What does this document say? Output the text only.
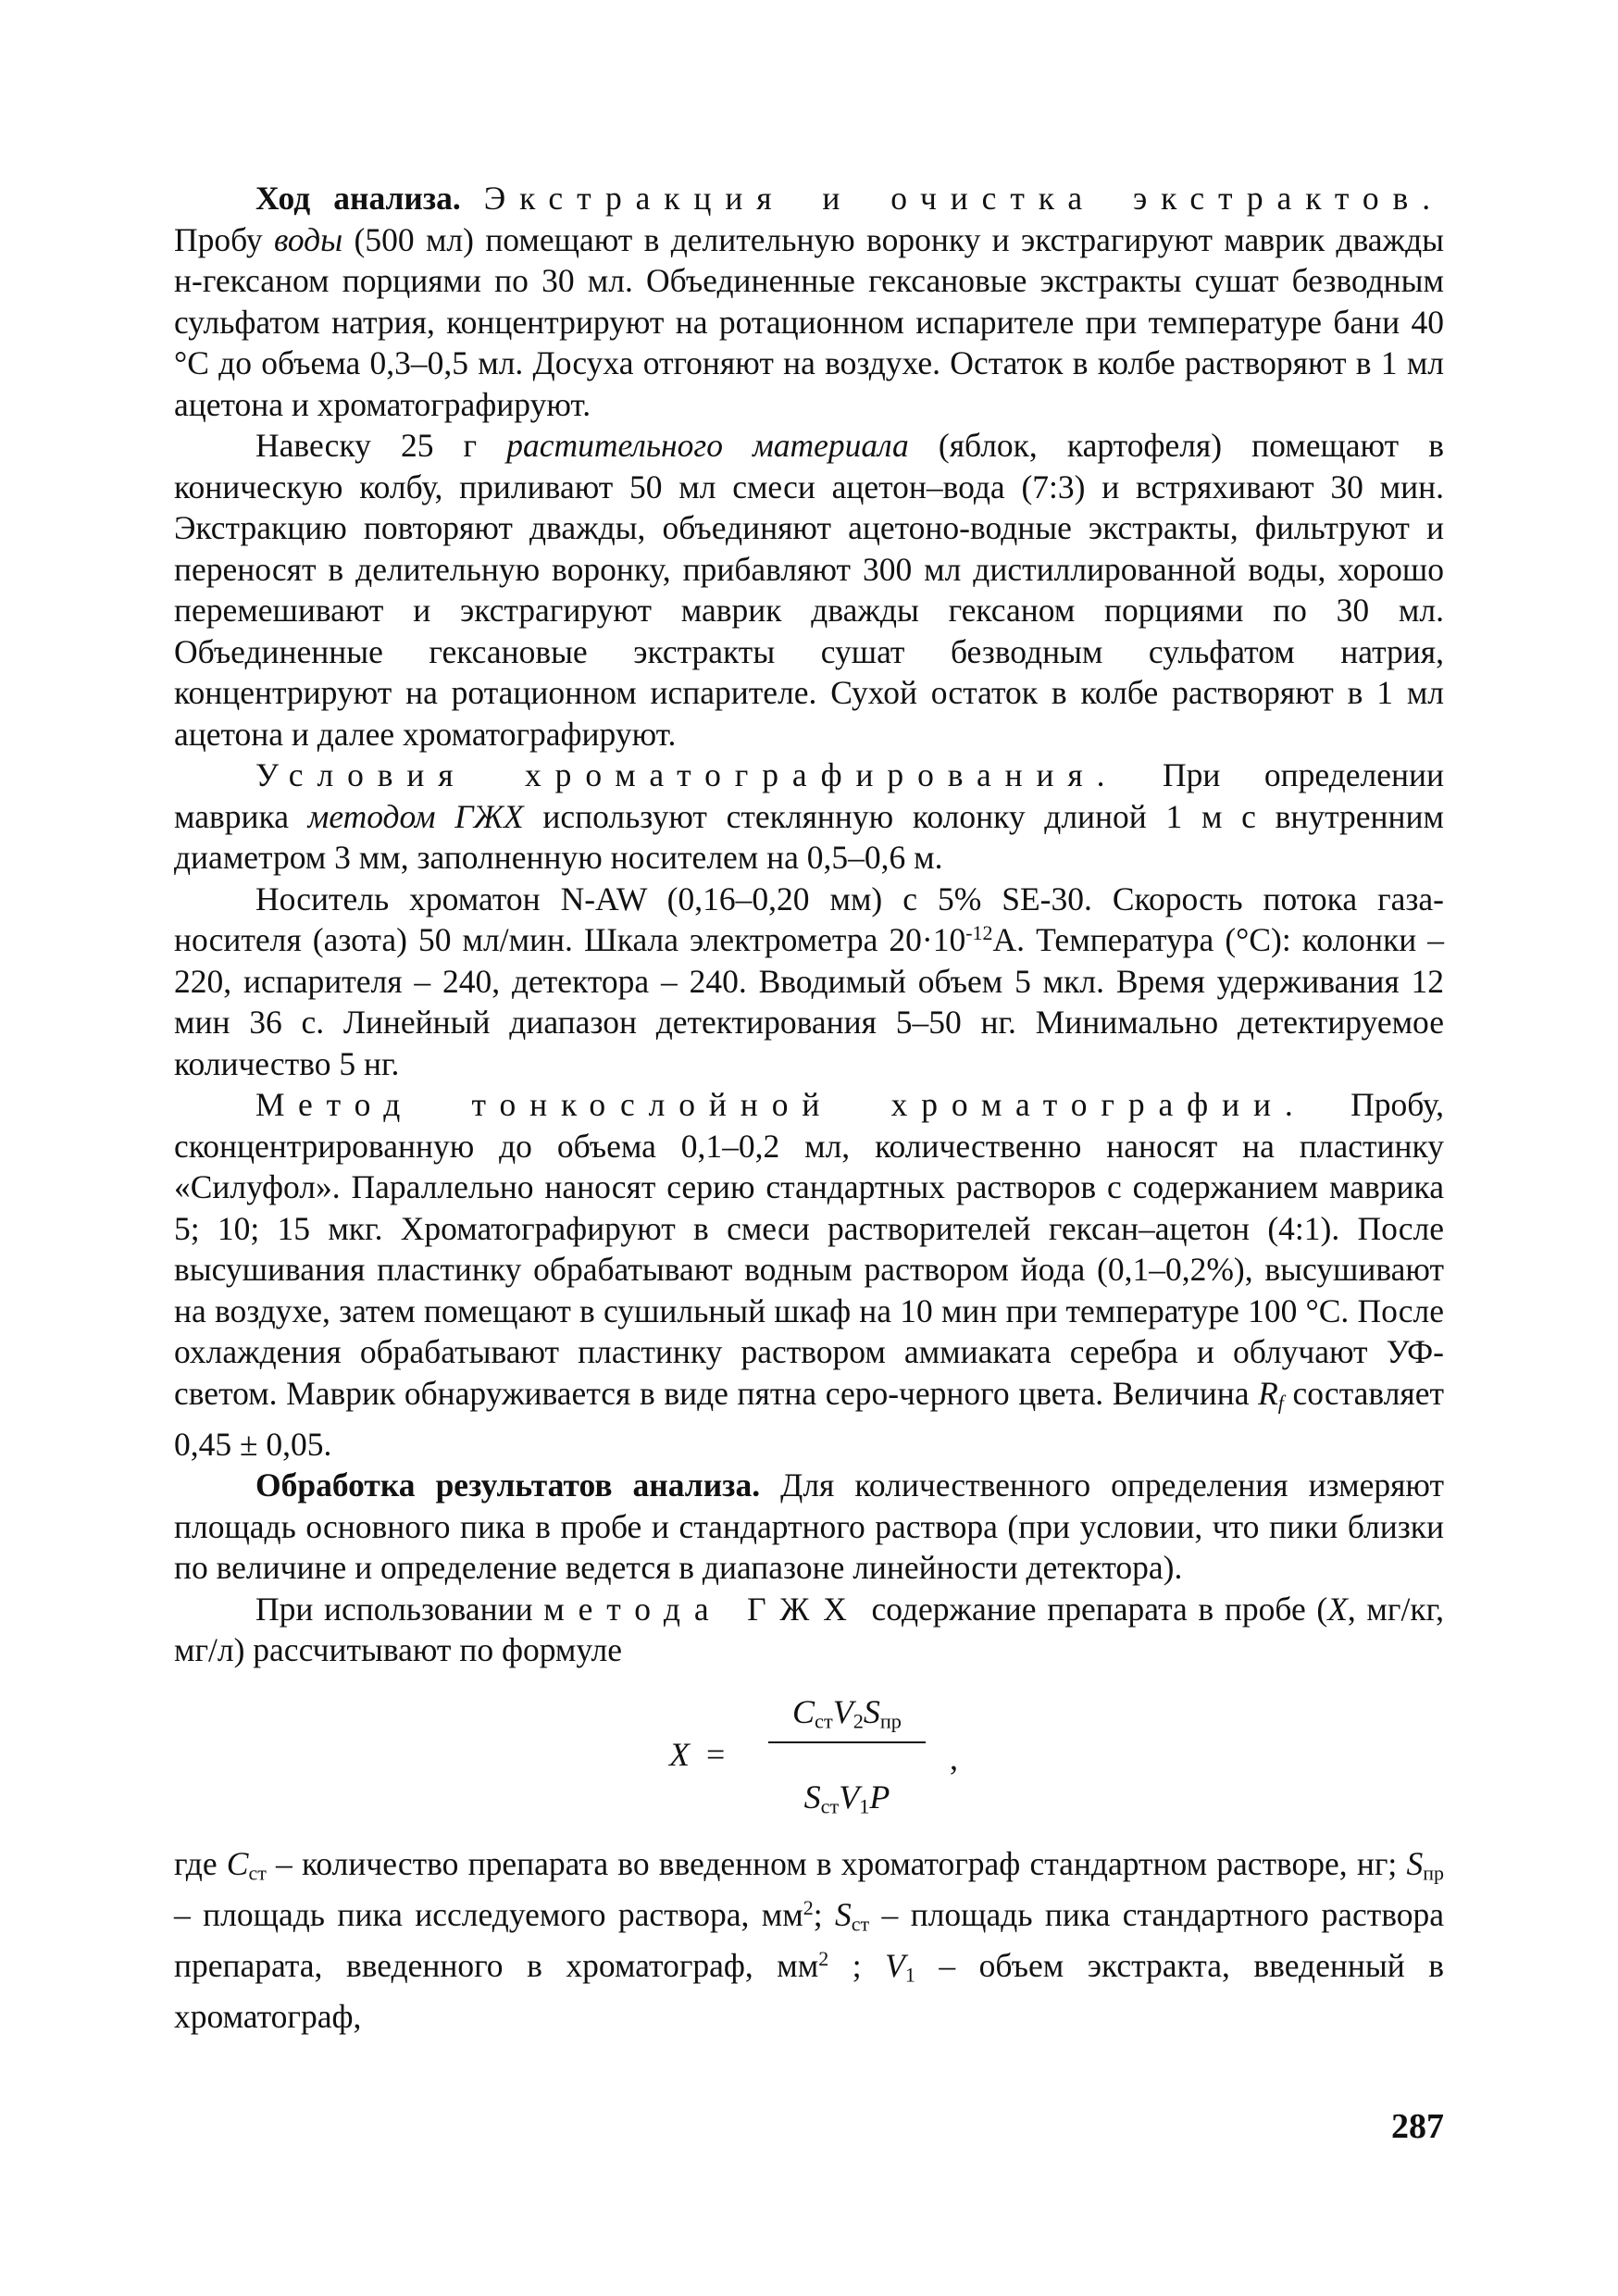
Ход анализа. Экстракция и очистка экстрактов. Пробу воды (500 мл) помещают в делительную воронку и экстрагируют маврик дважды н-гексаном порциями по 30 мл. Объединенные гексановые экстракты сушат безводным сульфатом натрия, концентрируют на ротационном испарителе при температуре бани 40 °С до объема 0,3–0,5 мл. Досуха отгоняют на воздухе. Остаток в колбе растворяют в 1 мл ацетона и хроматографируют.

Навеску 25 г растительного материала (яблок, картофеля) помещают в коническую колбу, приливают 50 мл смеси ацетон–вода (7:3) и встряхивают 30 мин. Экстракцию повторяют дважды, объединяют ацетоно-водные экстракты, фильтруют и переносят в делительную воронку, прибавляют 300 мл дистиллированной воды, хорошо перемешивают и экстрагируют маврик дважды гексаном порциями по 30 мл. Объединенные гексановые экстракты сушат безводным сульфатом натрия, концентрируют на ротационном испарителе. Сухой остаток в колбе растворяют в 1 мл ацетона и далее хроматографируют.

Условия хроматографирования. При определении маврика методом ГЖХ используют стеклянную колонку длиной 1 м с внутренним диаметром 3 мм, заполненную носителем на 0,5–0,6 м.

Носитель хроматон N-AW (0,16–0,20 мм) с 5% SE-30. Скорость потока газа-носителя (азота) 50 мл/мин. Шкала электрометра $20\cdot 10^{-12}А$. Температура (°С): колонки – 220, испарителя – 240, детектора – 240. Вводимый объем 5 мкл. Время удерживания 12 мин 36 с. Линейный диапазон детектирования 5–50 нг. Минимально детектируемое количество 5 нг.

Метод тонкослойной хроматографии. Пробу, сконцентрированную до объема 0,1–0,2 мл, количественно наносят на пластинку «Силуфол». Параллельно наносят серию стандартных растворов с содержанием маврика 5; 10; 15 мкг. Хроматографируют в смеси растворителей гексан–ацетон (4:1). После высушивания пластинку обрабатывают водным раствором йода (0,1–0,2%), высушивают на воздухе, затем помещают в сушильный шкаф на 10 мин при температуре 100 °С. После охлаждения обрабатывают пластинку раствором аммиаката серебра и облучают УФ-светом. Маврик обнаруживается в виде пятна серо-черного цвета. Величина $R_f$ составляет 0,45 ± 0,05.

Обработка результатов анализа. Для количественного определения измеряют площадь основного пика в пробе и стандартного раствора (при условии, что пики близки по величине и определение ведется в диапазоне линейности детектора).

При использовании метода ГЖХ содержание препарата в пробе (X, мг/кг, мг/л) рассчитывают по формуле

X =
$C_{ст}V_2S_{пр}$
$S_{ст}V_1P$
,

где $C_{ст}$ – количество препарата во введенном в хроматограф стандартном растворе, нг; $S_{пр}$ – площадь пика исследуемого раствора, $мм^2$; $S_{ст}$ – площадь пика стандартного раствора препарата, введенного в хроматограф, $мм^2$ ; $V_1$ – объем экстракта, введенный в хроматограф,

287
